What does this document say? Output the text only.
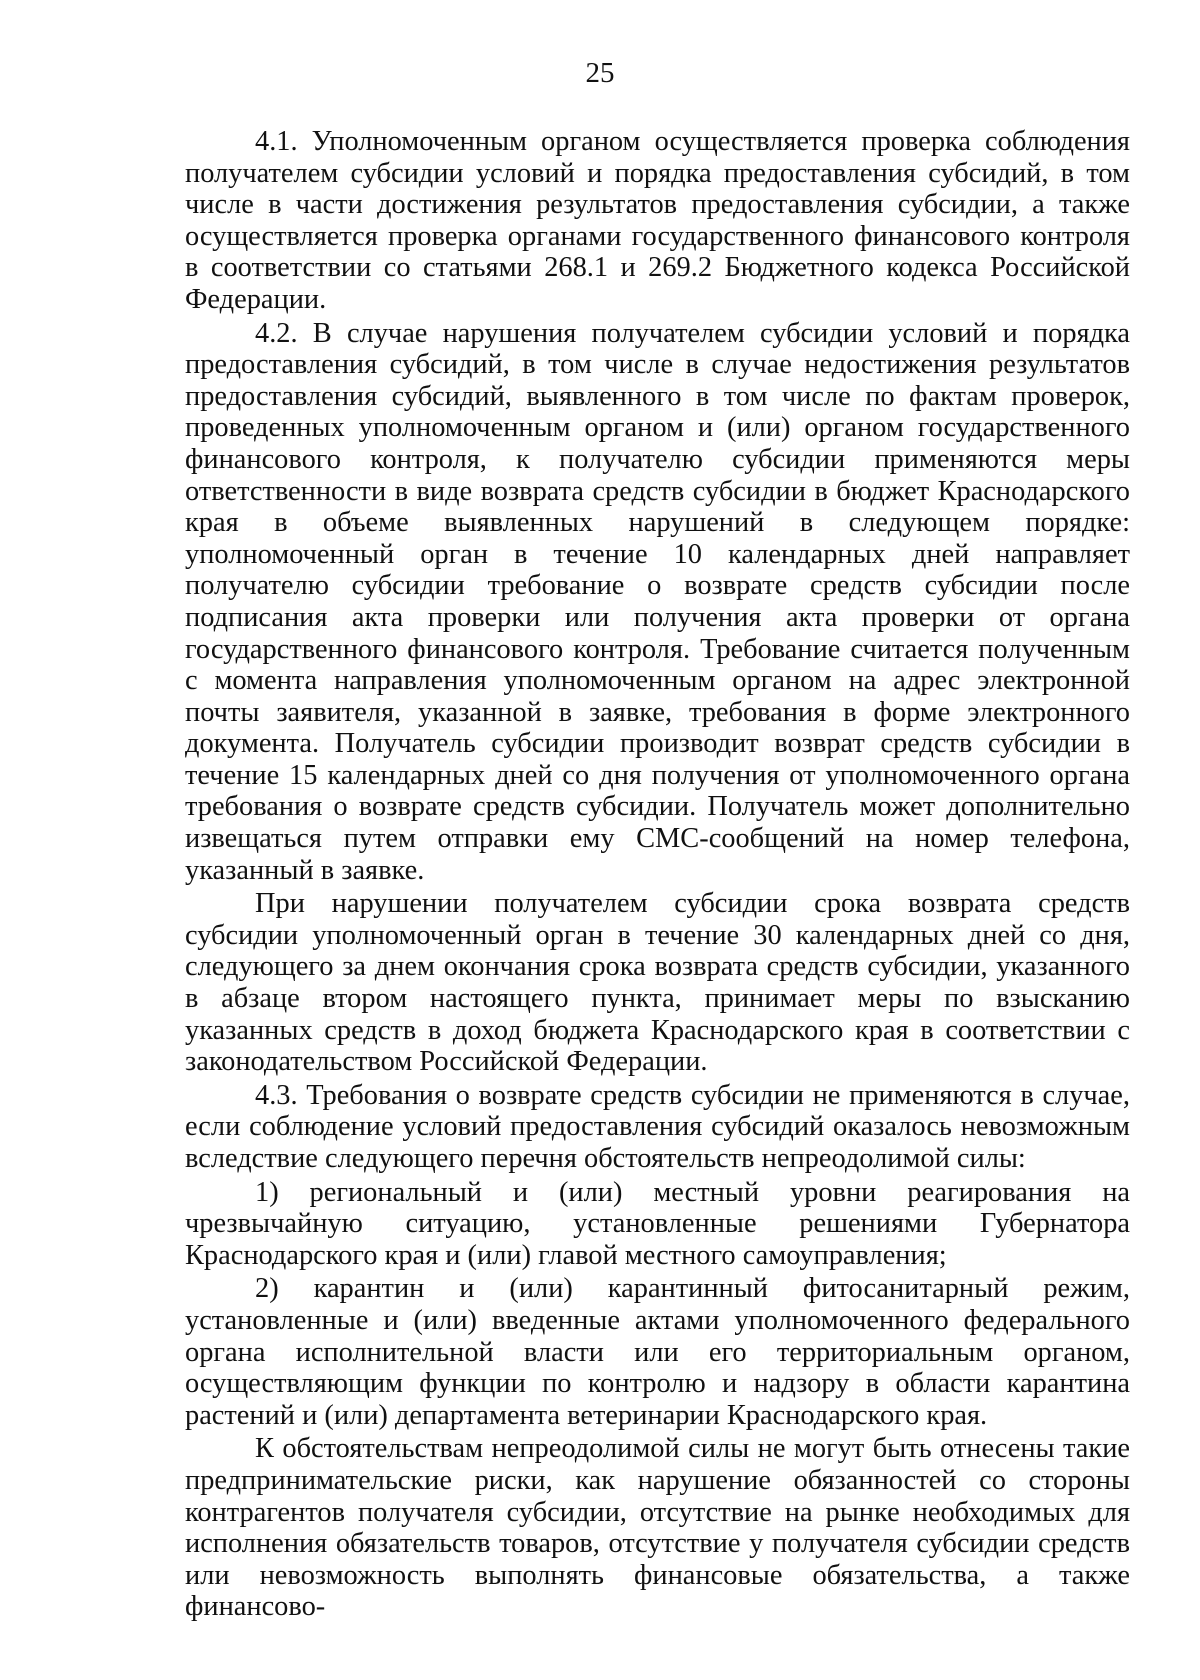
25

4.1. Уполномоченным органом осуществляется проверка соблюдения получателем субсидии условий и порядка предоставления субсидий, в том числе в части достижения результатов предоставления субсидии, а также осуществляется проверка органами государственного финансового контроля в соответствии со статьями 268.1 и 269.2 Бюджетного кодекса Российской Федерации.

4.2. В случае нарушения получателем субсидии условий и порядка предоставления субсидий, в том числе в случае недостижения результатов предоставления субсидий, выявленного в том числе по фактам проверок, проведенных уполномоченным органом и (или) органом государственного финансового контроля, к получателю субсидии применяются меры ответственности в виде возврата средств субсидии в бюджет Краснодарского края в объеме выявленных нарушений в следующем порядке: уполномоченный орган в течение 10 календарных дней направляет получателю субсидии требование о возврате средств субсидии после подписания акта проверки или получения акта проверки от органа государственного финансового контроля. Требование считается полученным с момента направления уполномоченным органом на адрес электронной почты заявителя, указанной в заявке, требования в форме электронного документа. Получатель субсидии производит возврат средств субсидии в течение 15 календарных дней со дня получения от уполномоченного органа требования о возврате средств субсидии. Получатель может дополнительно извещаться путем отправки ему СМС-сообщений на номер телефона, указанный в заявке.

При нарушении получателем субсидии срока возврата средств субсидии уполномоченный орган в течение 30 календарных дней со дня, следующего за днем окончания срока возврата средств субсидии, указанного в абзаце втором настоящего пункта, принимает меры по взысканию указанных средств в доход бюджета Краснодарского края в соответствии с законодательством Российской Федерации.

4.3. Требования о возврате средств субсидии не применяются в случае, если соблюдение условий предоставления субсидий оказалось невозможным вследствие следующего перечня обстоятельств непреодолимой силы:

1) региональный и (или) местный уровни реагирования на чрезвычайную ситуацию, установленные решениями Губернатора Краснодарского края и (или) главой местного самоуправления;

2) карантин и (или) карантинный фитосанитарный режим, установленные и (или) введенные актами уполномоченного федерального органа исполнительной власти или его территориальным органом, осуществляющим функции по контролю и надзору в области карантина растений и (или) департамента ветеринарии Краснодарского края.

К обстоятельствам непреодолимой силы не могут быть отнесены такие предпринимательские риски, как нарушение обязанностей со стороны контрагентов получателя субсидии, отсутствие на рынке необходимых для исполнения обязательств товаров, отсутствие у получателя субсидии средств или невозможность выполнять финансовые обязательства, а также финансово-
